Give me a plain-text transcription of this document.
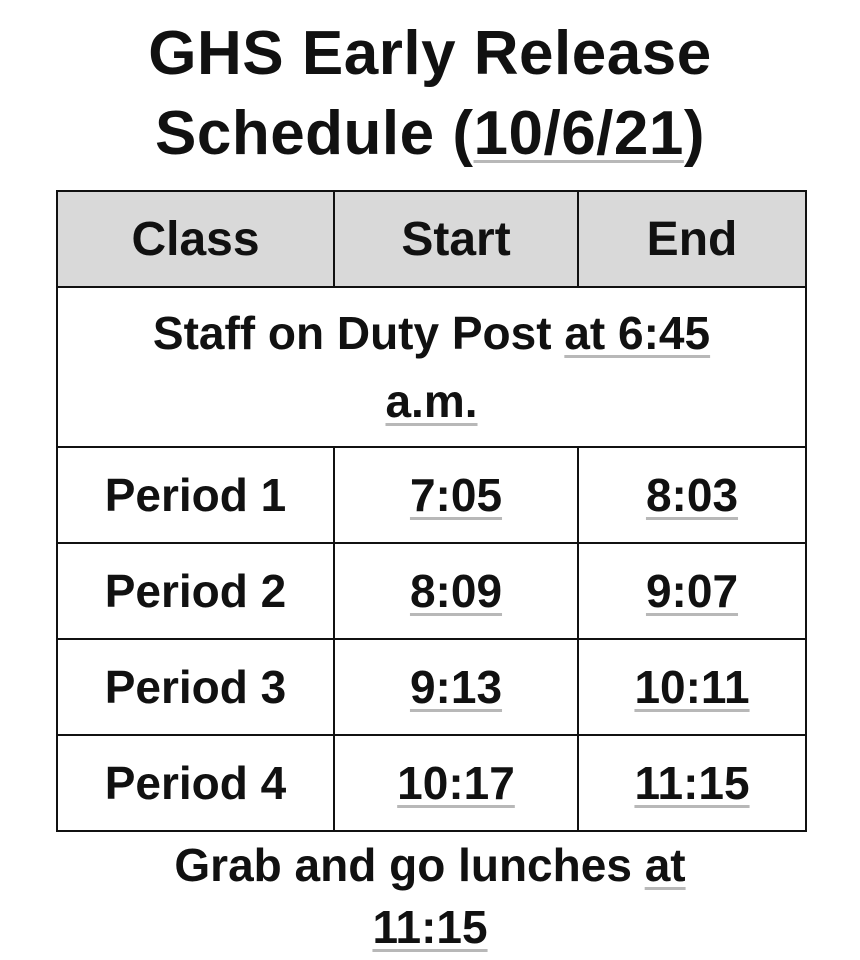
GHS Early Release
Schedule (10/6/21)
Class	Start	End
Staff on Duty Post at 6:45
a.m.		
Period 1	7:05	8:03
Period 2	8:09	9:07
Period 3	9:13	10:11
Period 4	10:17	11:15
Grab and go lunches at
11:15
